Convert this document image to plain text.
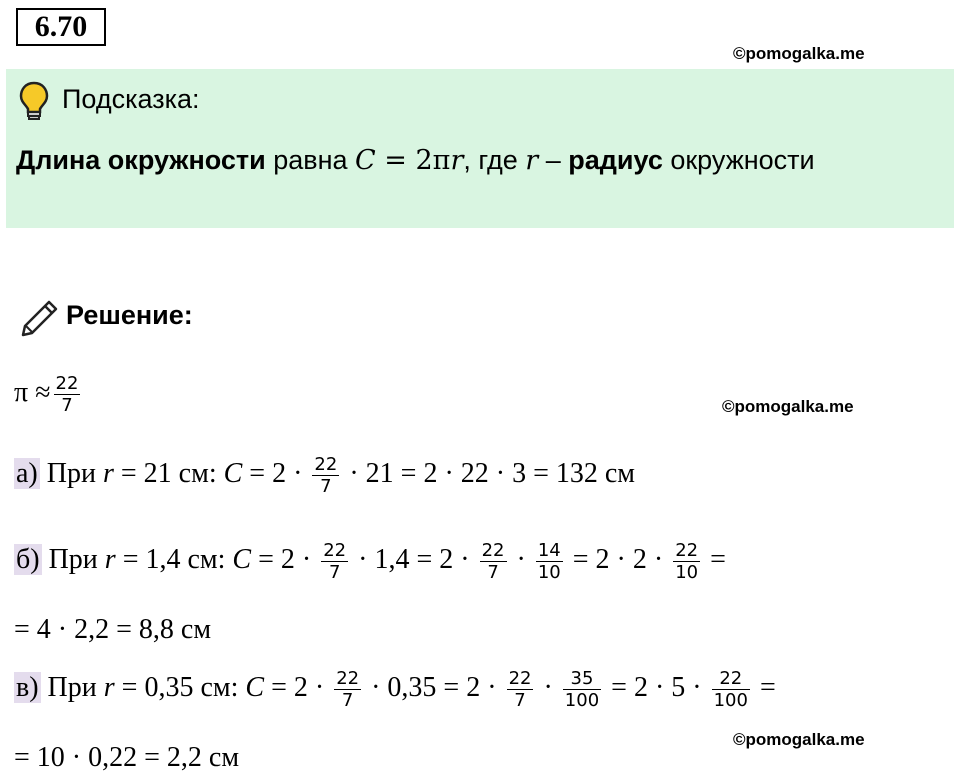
6.70
©pomogalka.me
Подсказка:
Длина окружности равна C = 2πr, где r – радиус окружности
Решение:
$\pi \approx \frac{22}{7}$	©pomogalka.me
а) При r = 21 см: $C = 2 \cdot \frac{22}{7} \cdot 21 = 2 \cdot 22 \cdot 3 = 132$ см
б) При r = 1,4 см: $C = 2 \cdot \frac{22}{7} \cdot 1,4 = 2 \cdot \frac{22}{7} \cdot \frac{14}{10} = 2 \cdot 2 \cdot \frac{22}{10}$ =
= 4 · 2,2 = 8,8 см
в) При r = 0,35 см: $C = 2 \cdot \frac{22}{7} \cdot 0,35 = 2 \cdot \frac{22}{7} \cdot \frac{35}{100} = 2 \cdot 5 \cdot \frac{22}{100}$ =
= 10 · 0,22 = 2,2 см
©pomogalka.me
